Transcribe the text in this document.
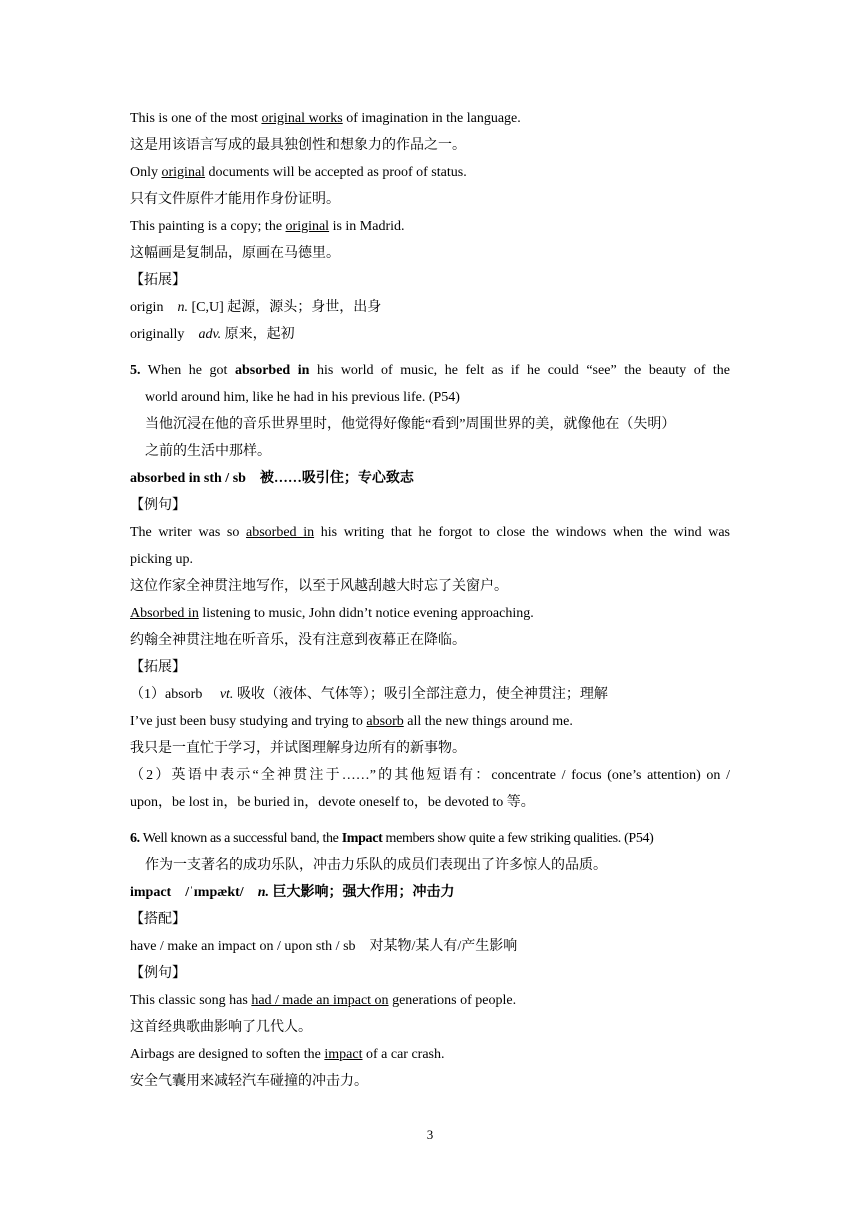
This is one of the most original works of imagination in the language.
这是用该语言写成的最具独创性和想象力的作品之一。
Only original documents will be accepted as proof of status.
只有文件原件才能用作身份证明。
This painting is a copy; the original is in Madrid.
这幅画是复制品，原画在马德里。
【拓展】
origin n. [C,U] 起源，源头；身世，出身
originally adv. 原来，起初
5. When he got absorbed in his world of music, he felt as if he could “see” the beauty of the
world around him, like he had in his previous life. (P54)
当他沉浸在他的音乐世界里时，他觉得好像能“看到”周围世界的美，就像他在（失明）
之前的生活中那样。
absorbed in sth / sb　被……吸引住；专心致志
【例句】
The writer was so absorbed in his writing that he forgot to close the windows when the wind was
picking up.
这位作家全神贯注地写作，以至于风越刮越大时忘了关窗户。
Absorbed in listening to music, John didn’t notice evening approaching.
约翰全神贯注地在听音乐，没有注意到夜幕正在降临。
【拓展】
（1）absorb vt. 吸收（液体、气体等）；吸引全部注意力，使全神贯注；理解
I’ve just been busy studying and trying to absorb all the new things around me.
我只是一直忙于学习，并试图理解身边所有的新事物。
（2）英语中表示“全神贯注于……”的其他短语有：concentrate / focus (one’s attention) on /
upon，be lost in，be buried in，devote oneself to，be devoted to 等。
6. Well known as a successful band, the Impact members show quite a few striking qualities. (P54)
作为一支著名的成功乐队，冲击力乐队的成员们表现出了许多惊人的品质。
impact /ˈɪmpækt/ n. 巨大影响；强大作用；冲击力
【搭配】
have / make an impact on / upon sth / sb　对某物/某人有/产生影响
【例句】
This classic song has had / made an impact on generations of people.
这首经典歌曲影响了几代人。
Airbags are designed to soften the impact of a car crash.
安全气囊用来减轻汽车碰撞的冲击力。
3
